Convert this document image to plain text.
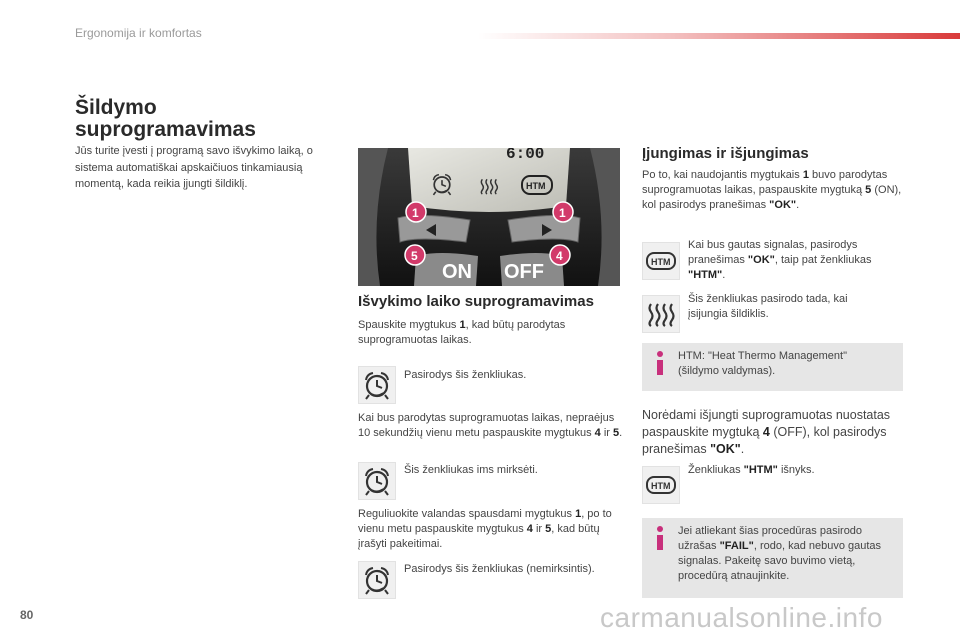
Ergonomija ir komfortas
Šildymo
suprogramavimas
Jūs turite įvesti į programą savo išvykimo laiką, o sistema automatiškai apskaičiuos tinkamiausią momentą, kada reikia įjungti šildiklį.
6:00
HTM
ON OFF
1	1
5	4
Išvykimo laiko suprogramavimas
Spauskite mygtukus 1, kad būtų parodytas suprogramuotas laikas.
Pasirodys šis ženkliukas.
Kai bus parodytas suprogramuotas laikas, nepraėjus 10 sekundžių vienu metu paspauskite mygtukus 4 ir 5.
Šis ženkliukas ims mirksėti.
Reguliuokite valandas spausdami mygtukus 1, po to vienu metu paspauskite mygtukus 4 ir 5, kad būtų įrašyti pakeitimai.
Pasirodys šis ženkliukas (nemirksintis).
Įjungimas ir išjungimas
Po to, kai naudojantis mygtukais 1 buvo parodytas suprogramuotas laikas, paspauskite mygtuką 5 (ON), kol pasirodys pranešimas "OK".
HTM
Kai bus gautas signalas, pasirodys pranešimas "OK", taip pat ženkliukas "HTM".
Šis ženkliukas pasirodo tada, kai įsijungia šildiklis.
HTM: "Heat Thermo Management" (šildymo valdymas).
Norėdami išjungti suprogramuotas nuostatas paspauskite mygtuką 4 (OFF), kol pasirodys pranešimas "OK".
HTM
Ženkliukas "HTM" išnyks.
Jei atliekant šias procedūras pasirodo užrašas "FAIL", rodo, kad nebuvo gautas signalas. Pakeitę savo buvimo vietą, procedūrą atnaujinkite.
80	carmanualsonline.info
